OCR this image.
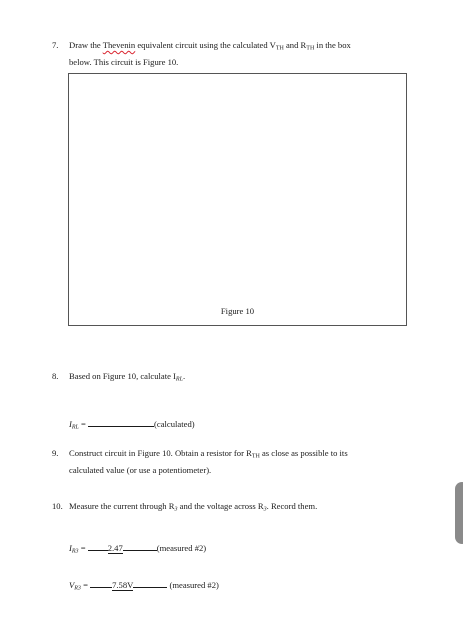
7. Draw the Thevenin equivalent circuit using the calculated $V_{TH}$ and $R_{TH}$ in the box
below. This circuit is Figure 10.
Figure 10
8. Based on Figure 10, calculate $I_{RL}$.
$I_{RL}$ =	(calculated)
9. Construct circuit in Figure 10. Obtain a resistor for $R_{TH}$ as close as possible to its
calculated value (or use a potentiometer).
10. Measure the current through $R_3$ and the voltage across $R_3$. Record them.
$I_{R3} = 2.47$	(measured #2)
$V_{R3}$ =	7.58V	(measured #2)
